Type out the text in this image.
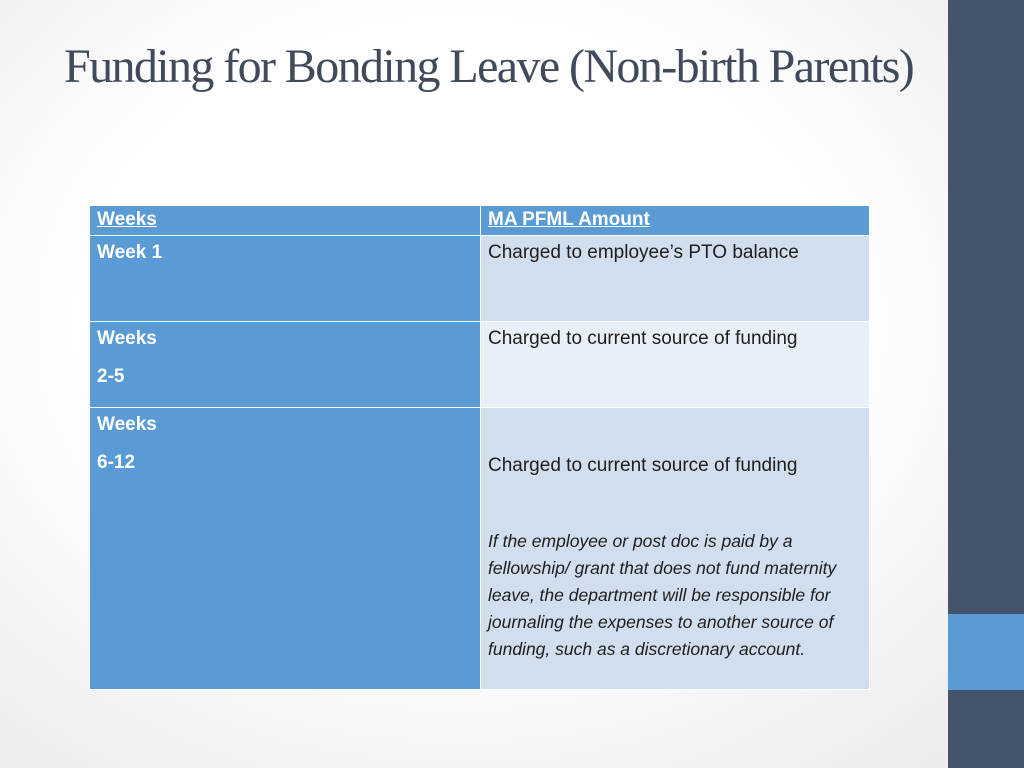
Funding for Bonding Leave (Non-birth Parents)
Weeks	MA PFML Amount

Week 1	Charged to employee’s PTO balance

Weeks
2-5	Charged to current source of funding

Weeks
6-12	Charged to current source of funding
If the employee or post doc is paid by a fellowship/ grant that does not fund maternity leave, the department will be responsible for journaling the expenses to another source of funding, such as a discretionary account.
